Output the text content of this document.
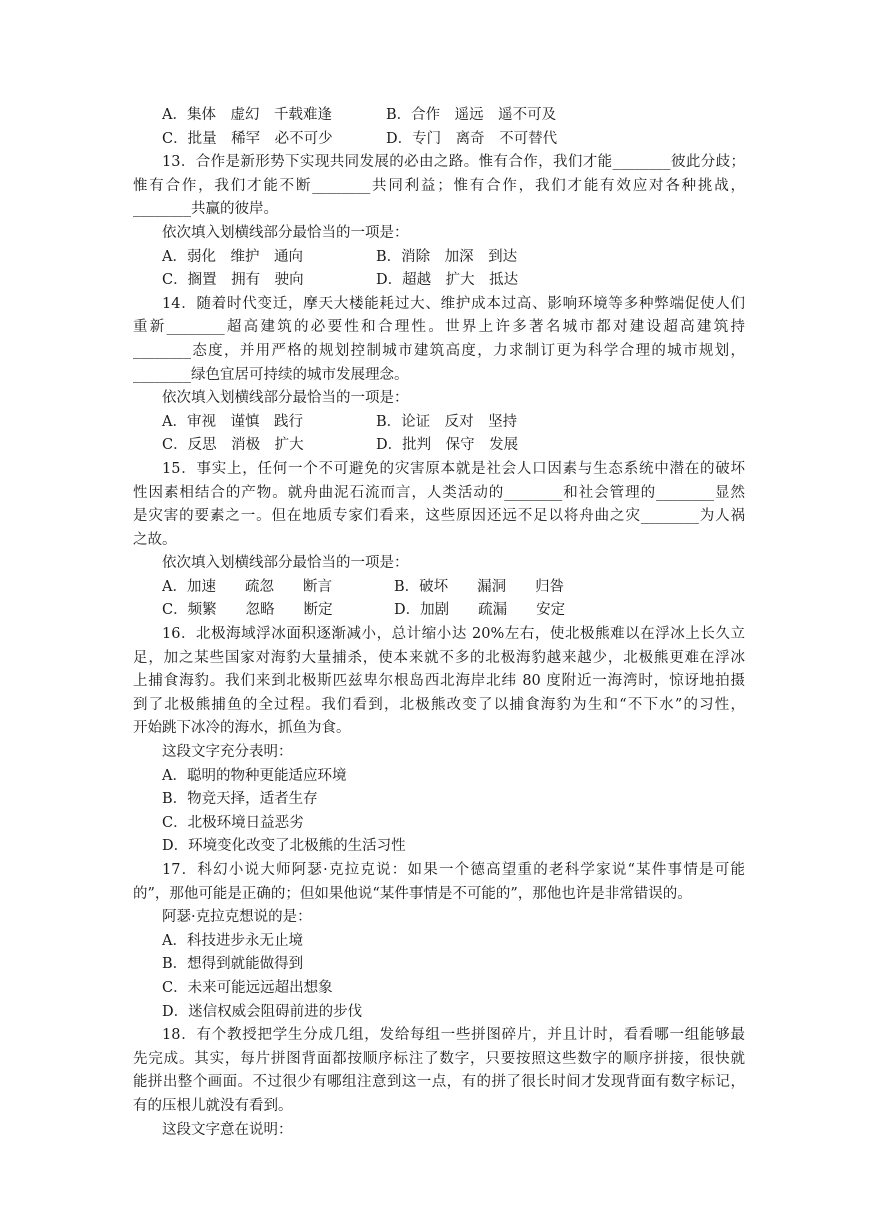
A．集体　虚幻　千载难逢	B．合作　遥远　遥不可及
C．批量　稀罕　必不可少	D．专门　离奇　不可替代
13．合作是新形势下实现共同发展的必由之路。惟有合作，我们才能________彼此分歧；
惟有合作，我们才能不断________共同利益；惟有合作，我们才能有效应对各种挑战，
________共赢的彼岸。
依次填入划横线部分最恰当的一项是：
A．弱化　维护　通向	B．消除　加深　到达
C．搁置　拥有　驶向	D．超越　扩大　抵达
14．随着时代变迁，摩天大楼能耗过大、维护成本过高、影响环境等多种弊端促使人们
重新________超高建筑的必要性和合理性。世界上许多著名城市都对建设超高建筑持
________态度，并用严格的规划控制城市建筑高度，力求制订更为科学合理的城市规划，
________绿色宜居可持续的城市发展理念。
依次填入划横线部分最恰当的一项是：
A．审视　谨慎　践行	B．论证　反对　坚持
C．反思　消极　扩大	D．批判　保守　发展
15．事实上，任何一个不可避免的灾害原本就是社会人口因素与生态系统中潜在的破坏
性因素相结合的产物。就舟曲泥石流而言，人类活动的________和社会管理的________显然
是灾害的要素之一。但在地质专家们看来，这些原因还远不足以将舟曲之灾________为人祸
之故。
依次填入划横线部分最恰当的一项是：
A．加速　　疏忽　　断言	B．破坏　　漏洞　　归咎
C．频繁　　忽略　　断定	D．加剧　　疏漏　　安定
16．北极海域浮冰面积逐渐减小，总计缩小达 20%左右，使北极熊难以在浮冰上长久立
足，加之某些国家对海豹大量捕杀，使本来就不多的北极海豹越来越少，北极熊更难在浮冰
上捕食海豹。我们来到北极斯匹兹卑尔根岛西北海岸北纬 80 度附近一海湾时，惊讶地拍摄
到了北极熊捕鱼的全过程。我们看到，北极熊改变了以捕食海豹为生和“不下水”的习性，
开始跳下冰冷的海水，抓鱼为食。
这段文字充分表明：
A．聪明的物种更能适应环境
B．物竞天择，适者生存
C．北极环境日益恶劣
D．环境变化改变了北极熊的生活习性
17．科幻小说大师阿瑟·克拉克说：如果一个德高望重的老科学家说“某件事情是可能
的”，那他可能是正确的；但如果他说“某件事情是不可能的”，那他也许是非常错误的。
阿瑟·克拉克想说的是：
A．科技进步永无止境
B．想得到就能做得到
C．未来可能远远超出想象
D．迷信权威会阻碍前进的步伐
18．有个教授把学生分成几组，发给每组一些拼图碎片，并且计时，看看哪一组能够最
先完成。其实，每片拼图背面都按顺序标注了数字，只要按照这些数字的顺序拼接，很快就
能拼出整个画面。不过很少有哪组注意到这一点，有的拼了很长时间才发现背面有数字标记，
有的压根儿就没有看到。
这段文字意在说明：
